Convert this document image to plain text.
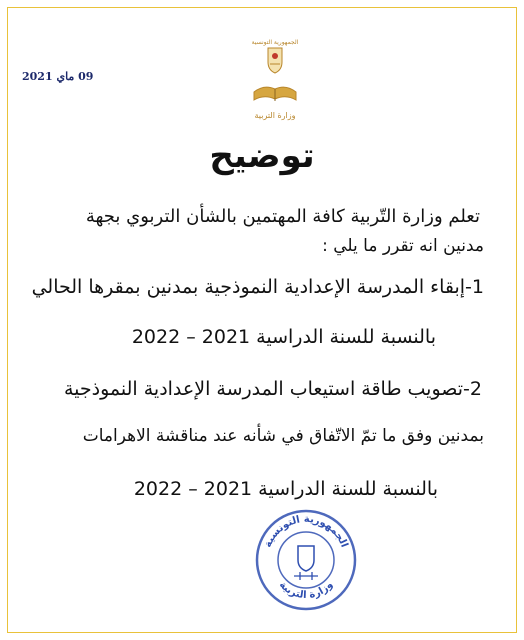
09 ماي 2021
الجمهورية التونسية
وزارة التربية
توضيح
تعلم وزارة التّربية كافة المهتمين بالشأن التربوي بجهة
مدنين انه تقرر ما يلي :
1-إبقاء المدرسة الإعدادية النموذجية بمدنين بمقرها الحالي
بالنسبة للسنة الدراسية 2021 – 2022
2-تصويب طاقة استيعاب المدرسة الإعدادية النموذجية
بمدنين وفق ما تمّ الاتّفاق في شأنه عند مناقشة الاهرامات
بالنسبة للسنة الدراسية 2021 – 2022
الجمهورية التونسية
وزارة التربية
